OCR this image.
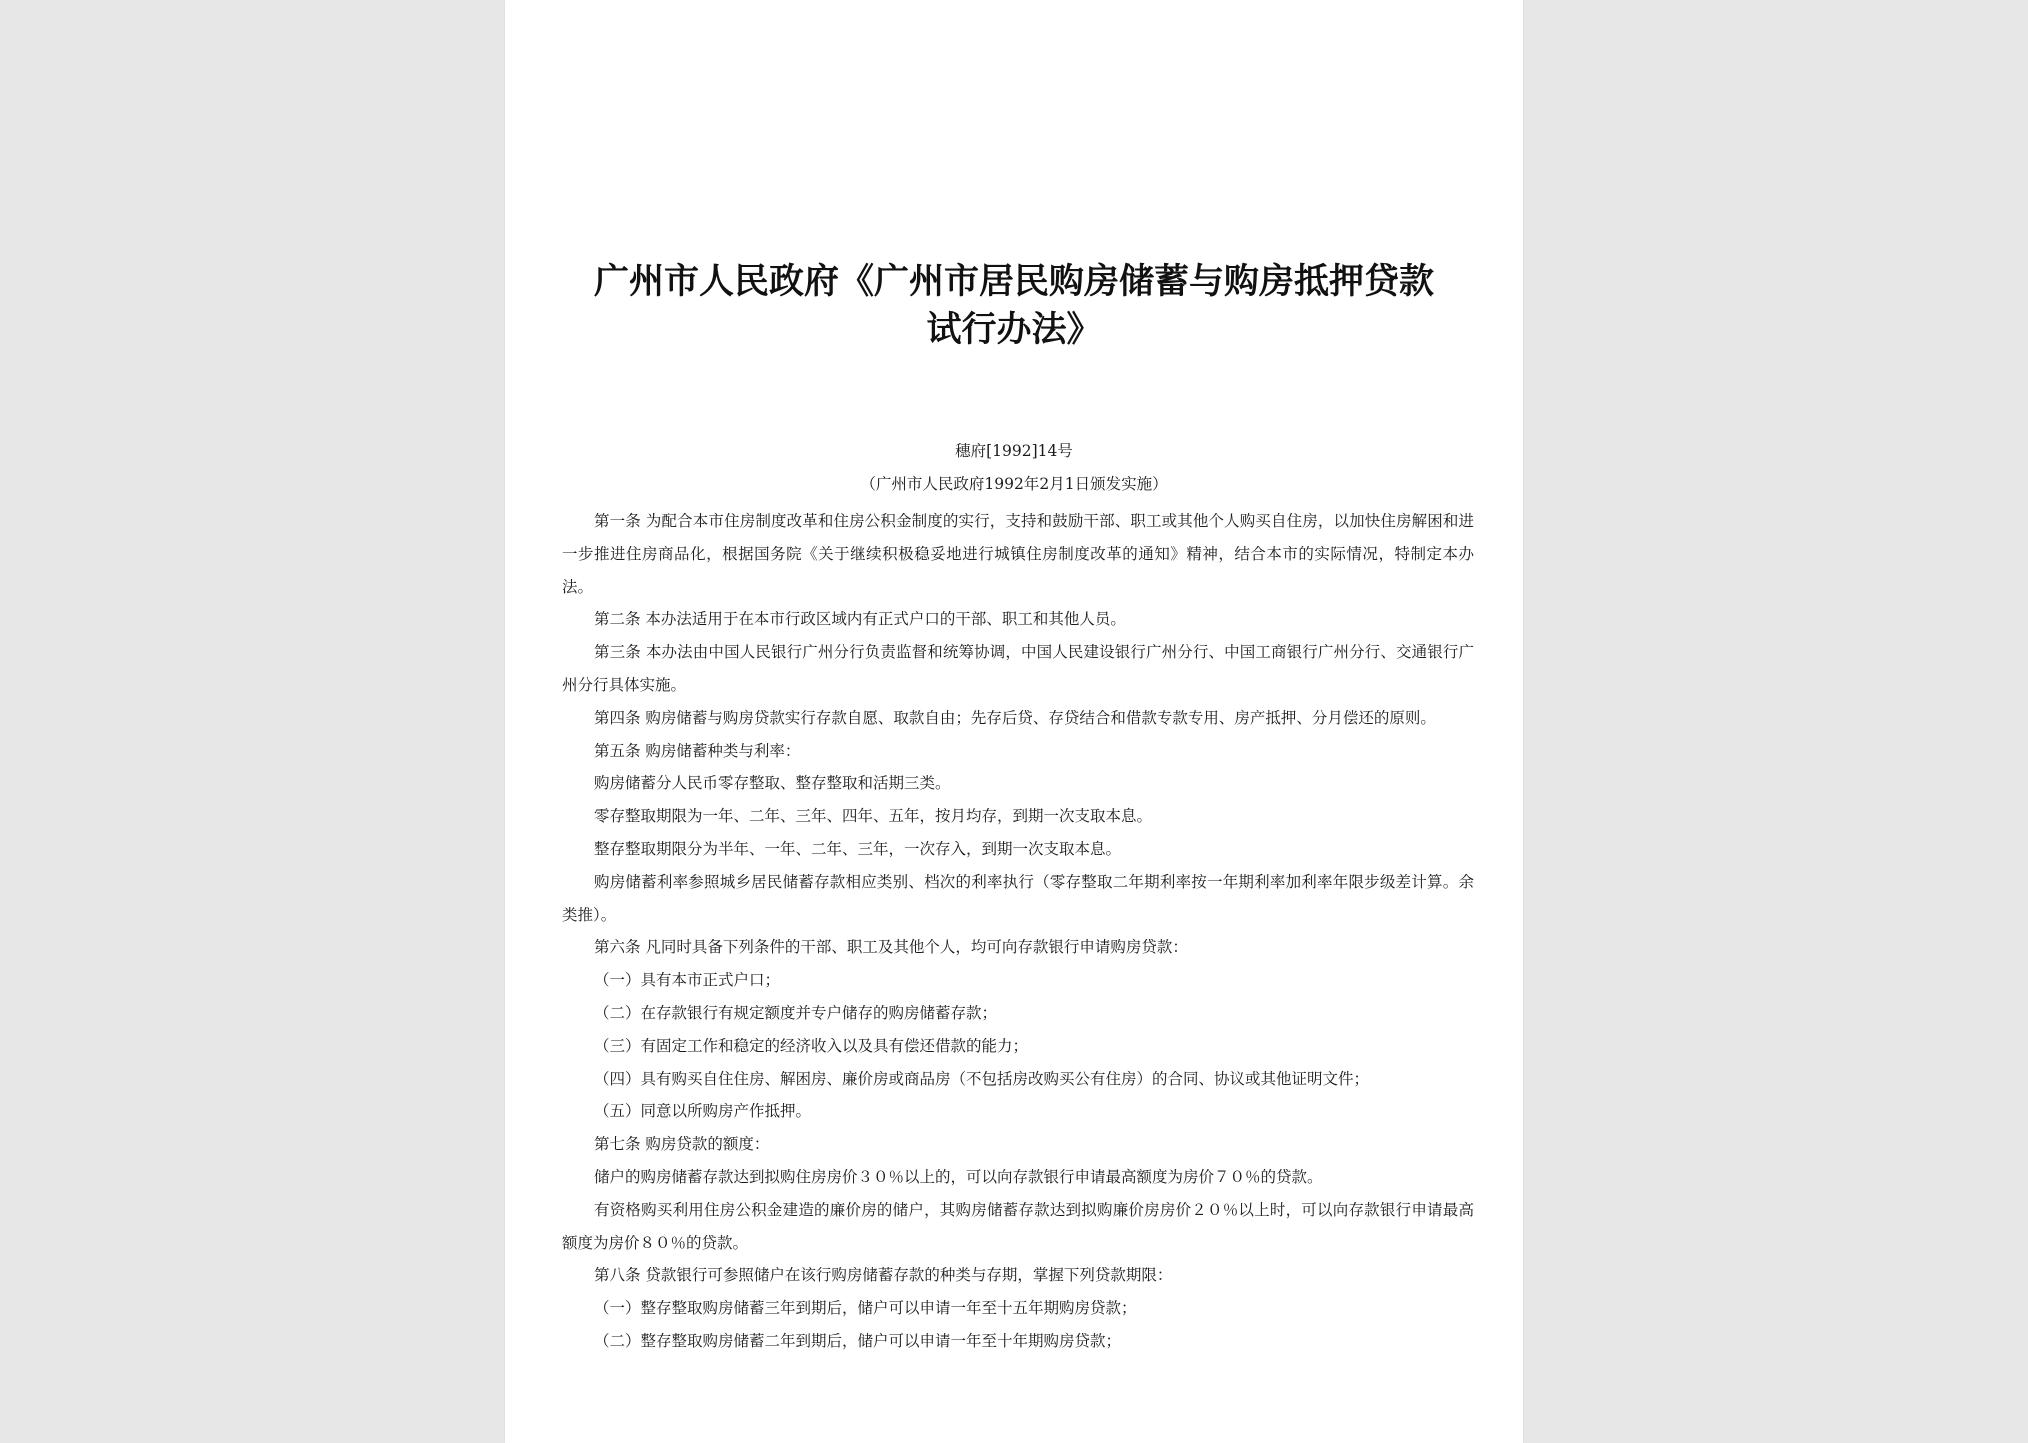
广州市人民政府《广州市居民购房储蓄与购房抵押贷款
试行办法》
穗府[1992]14号
（广州市人民政府1992年2月1日颁发实施）

第一条 为配合本市住房制度改革和住房公积金制度的实行，支持和鼓励干部、职工或其他个人购买自住房，以加快住房解困和进一步推进住房商品化，根据国务院《关于继续积极稳妥地进行城镇住房制度改革的通知》精神，结合本市的实际情况，特制定本办法。

第二条 本办法适用于在本市行政区域内有正式户口的干部、职工和其他人员。

第三条 本办法由中国人民银行广州分行负责监督和统筹协调，中国人民建设银行广州分行、中国工商银行广州分行、交通银行广州分行具体实施。

第四条 购房储蓄与购房贷款实行存款自愿、取款自由；先存后贷、存贷结合和借款专款专用、房产抵押、分月偿还的原则。

第五条 购房储蓄种类与利率：

购房储蓄分人民币零存整取、整存整取和活期三类。

零存整取期限为一年、二年、三年、四年、五年，按月均存，到期一次支取本息。

整存整取期限分为半年、一年、二年、三年，一次存入，到期一次支取本息。

购房储蓄利率参照城乡居民储蓄存款相应类别、档次的利率执行（零存整取二年期利率按一年期利率加利率年限步级差计算。余类推）。

第六条 凡同时具备下列条件的干部、职工及其他个人，均可向存款银行申请购房贷款：

（一）具有本市正式户口；

（二）在存款银行有规定额度并专户储存的购房储蓄存款；

（三）有固定工作和稳定的经济收入以及具有偿还借款的能力；

（四）具有购买自住住房、解困房、廉价房或商品房（不包括房改购买公有住房）的合同、协议或其他证明文件；

（五）同意以所购房产作抵押。

第七条 购房贷款的额度：

储户的购房储蓄存款达到拟购住房房价３０％以上的，可以向存款银行申请最高额度为房价７０％的贷款。

有资格购买利用住房公积金建造的廉价房的储户，其购房储蓄存款达到拟购廉价房房价２０％以上时，可以向存款银行申请最高额度为房价８０％的贷款。

第八条 贷款银行可参照储户在该行购房储蓄存款的种类与存期，掌握下列贷款期限：

（一）整存整取购房储蓄三年到期后，储户可以申请一年至十五年期购房贷款；

（二）整存整取购房储蓄二年到期后，储户可以申请一年至十年期购房贷款；
